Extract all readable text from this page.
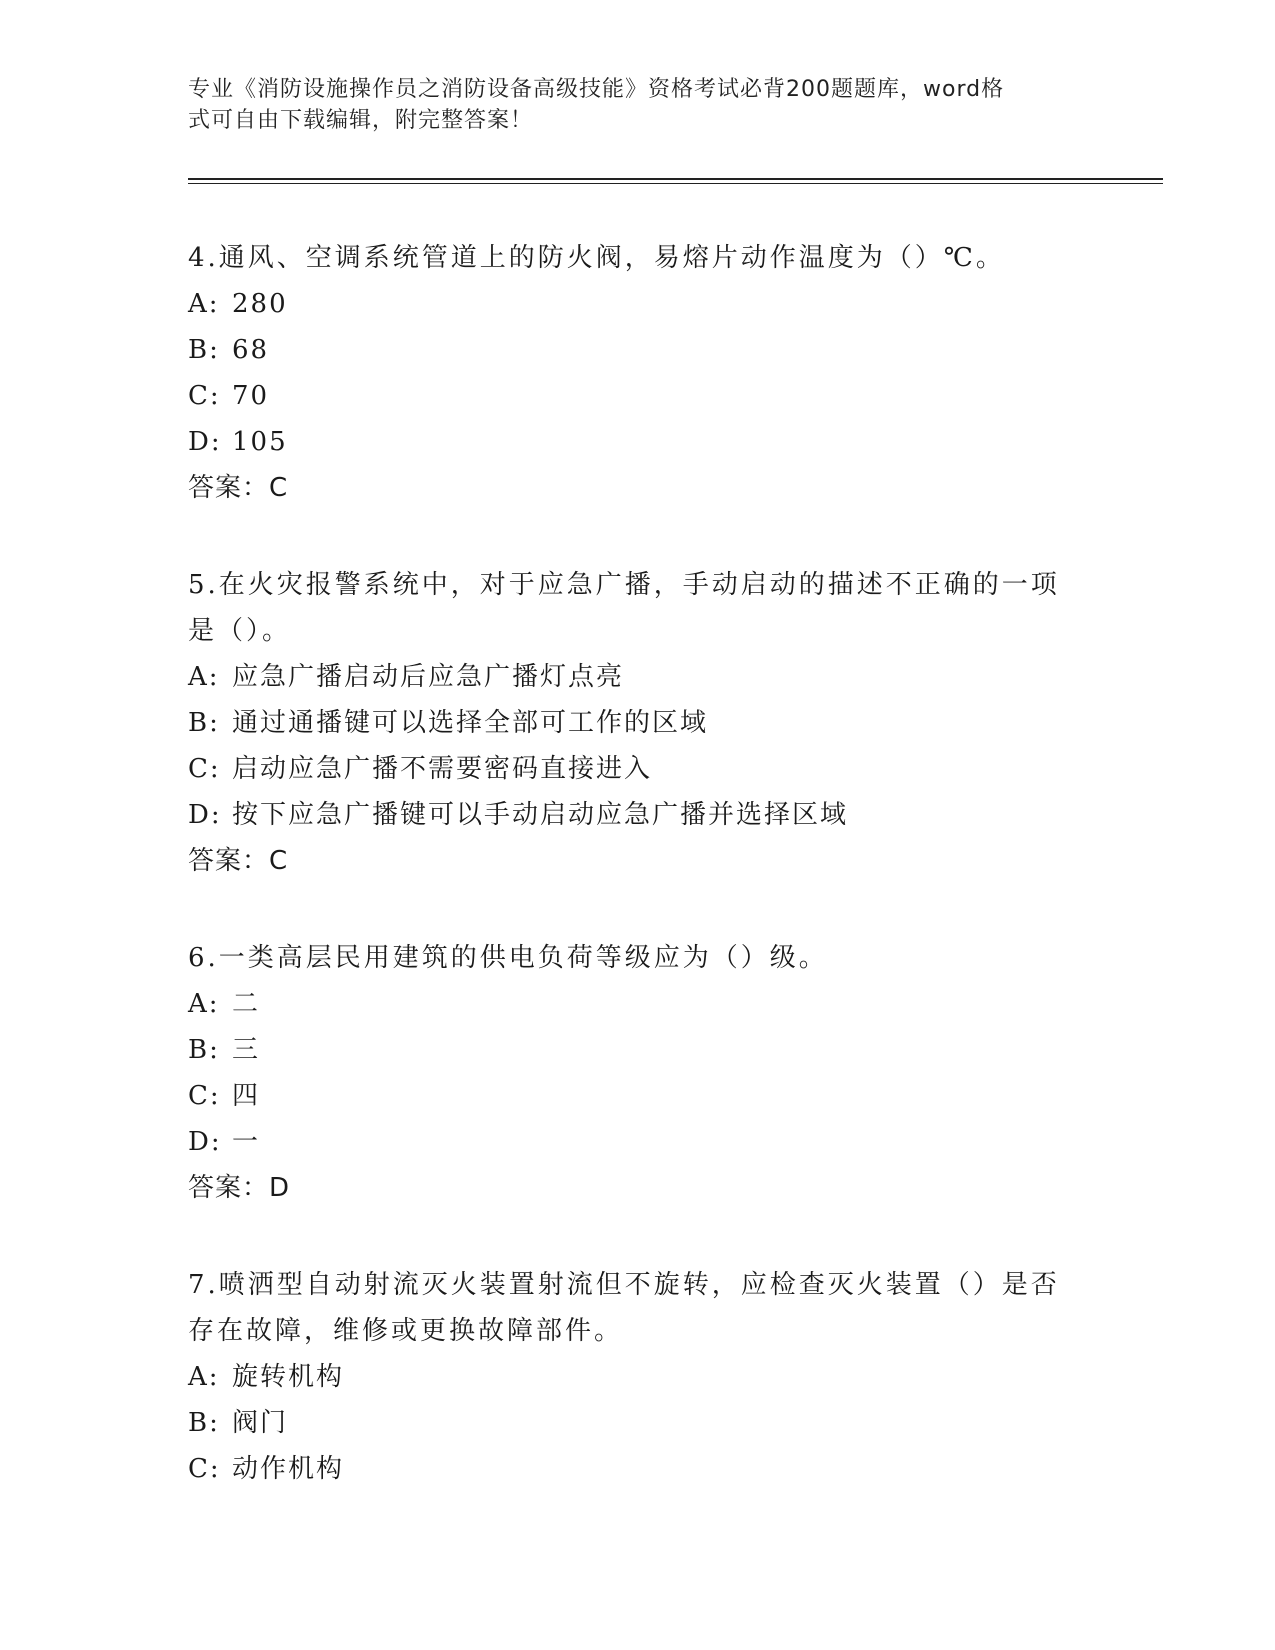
专业《消防设施操作员之消防设备高级技能》资格考试必背200题题库，word格
式可自由下载编辑，附完整答案！

4.通风、空调系统管道上的防火阀，易熔片动作温度为（）℃。

A: 280

B: 68

C: 70

D: 105

答案：C

5.在火灾报警系统中，对于应急广播，手动启动的描述不正确的一项是（）。

A: 应急广播启动后应急广播灯点亮

B: 通过通播键可以选择全部可工作的区域

C: 启动应急广播不需要密码直接进入

D: 按下应急广播键可以手动启动应急广播并选择区域

答案：C

6.一类高层民用建筑的供电负荷等级应为（）级。

A: 二

B: 三

C: 四

D: 一

答案：D

7.喷洒型自动射流灭火装置射流但不旋转，应检查灭火装置（）是否存在故障，维修或更换故障部件。

A: 旋转机构

B: 阀门

C: 动作机构
